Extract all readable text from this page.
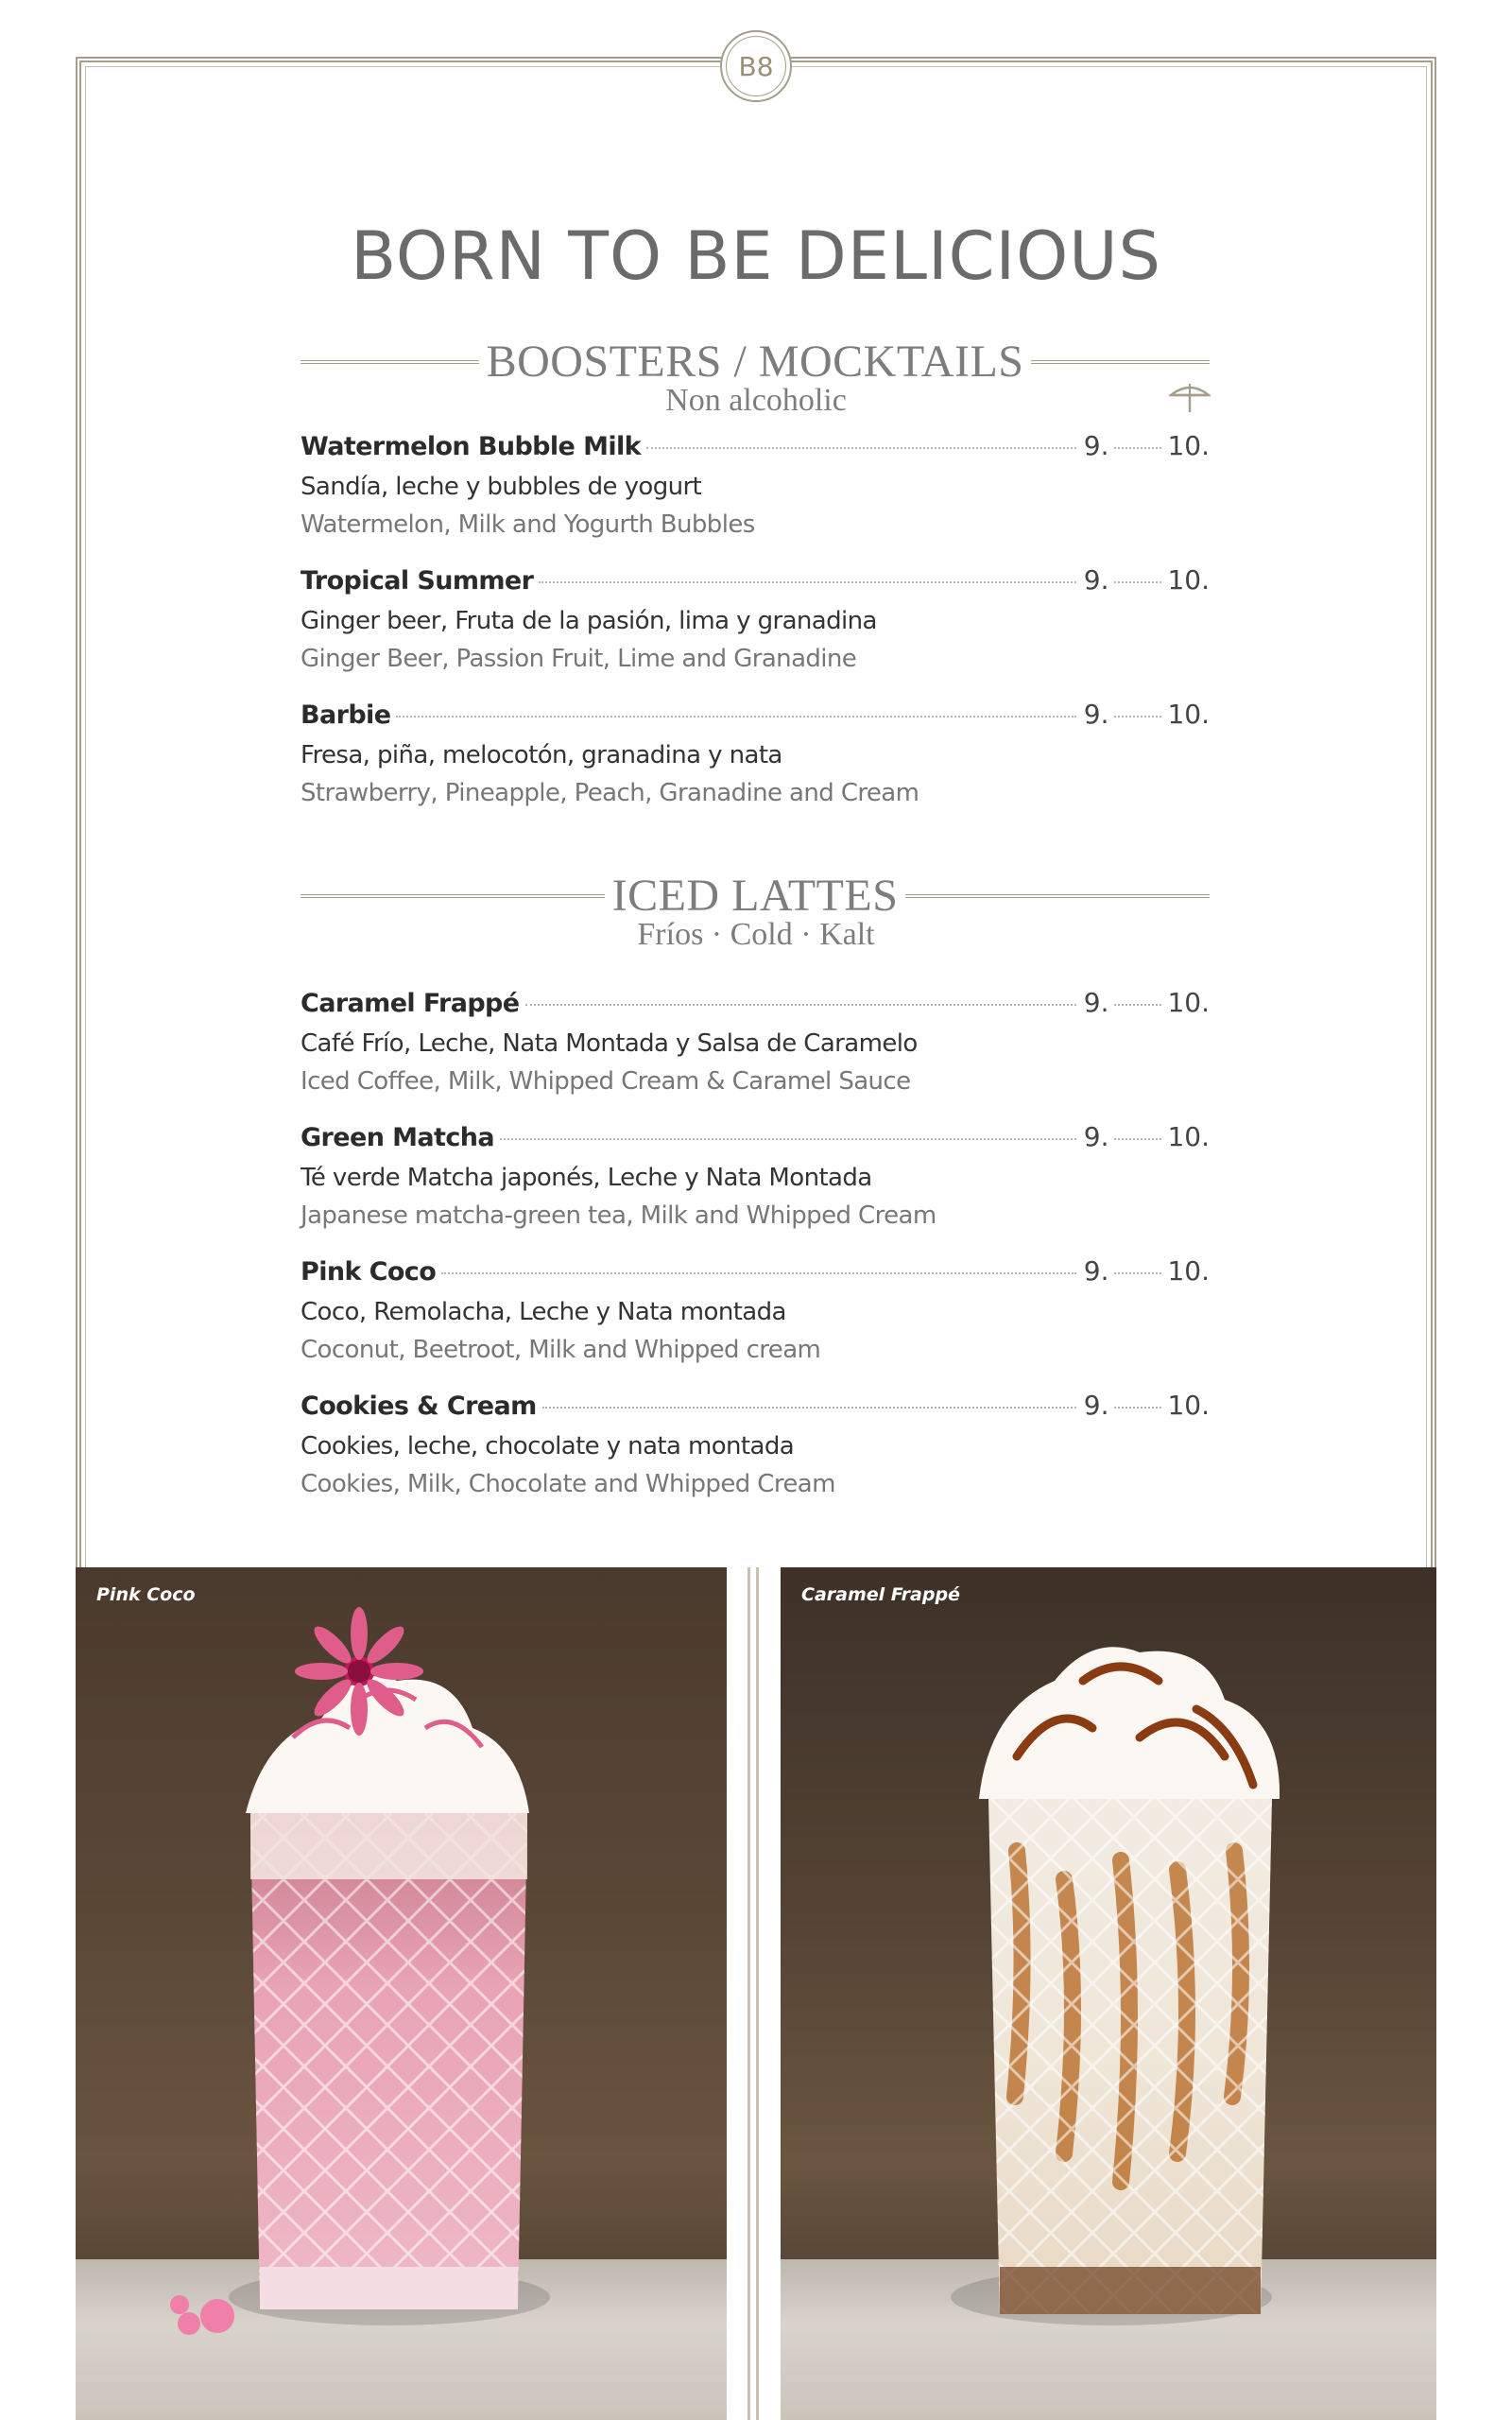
B8
BORN TO BE DELICIOUS
BOOSTERS / MOCKTAILS
Non alcoholic
Watermelon Bubble Milk	9. 10.
Sandía, leche y bubbles de yogurt
Watermelon, Milk and Yogurth Bubbles
Tropical Summer	9. 10.
Ginger beer, Fruta de la pasión, lima y granadina
Ginger Beer, Passion Fruit, Lime and Granadine
Barbie	9. 10.
Fresa, piña, melocotón, granadina y nata
Strawberry, Pineapple, Peach, Granadine and Cream
ICED LATTES
Fríos · Cold · Kalt
Caramel Frappé	9. 10.
Café Frío, Leche, Nata Montada y Salsa de Caramelo
Iced Coffee, Milk, Whipped Cream & Caramel Sauce
Green Matcha	9. 10.
Té verde Matcha japonés, Leche y Nata Montada
Japanese matcha-green tea, Milk and Whipped Cream
Pink Coco	9. 10.
Coco, Remolacha, Leche y Nata montada
Coconut, Beetroot, Milk and Whipped cream
Cookies & Cream	9. 10.
Cookies, leche, chocolate y nata montada
Cookies, Milk, Chocolate and Whipped Cream
Pink Coco	Caramel Frappé
